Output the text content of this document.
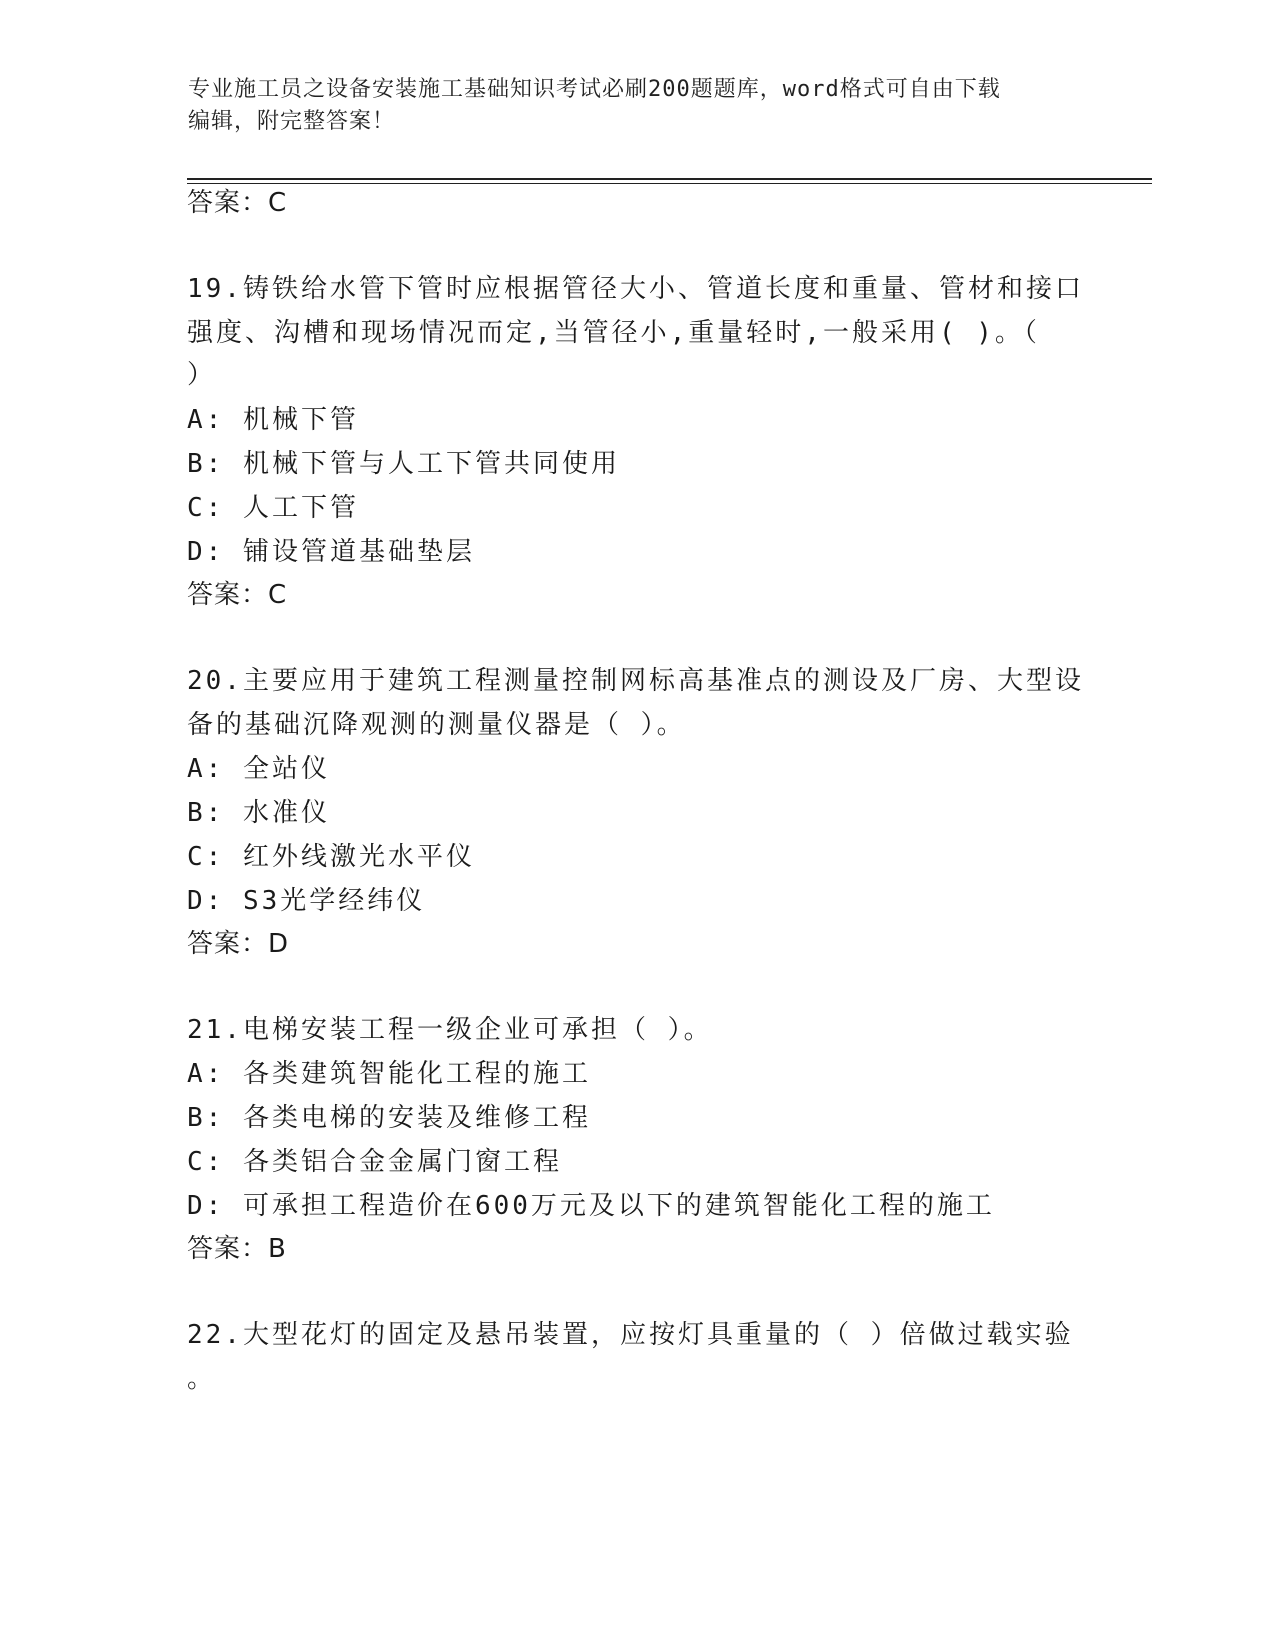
专业施工员之设备安装施工基础知识考试必刷200题题库，word格式可自由下载
编辑，附完整答案！
答案：C
19.铸铁给水管下管时应根据管径大小、管道长度和重量、管材和接口
强度、沟槽和现场情况而定,当管径小,重量轻时,一般采用( )。（
）
A: 机械下管
B: 机械下管与人工下管共同使用
C: 人工下管
D: 铺设管道基础垫层
答案：C
20.主要应用于建筑工程测量控制网标高基准点的测设及厂房、大型设
备的基础沉降观测的测量仪器是（ ）。
A: 全站仪
B: 水准仪
C: 红外线激光水平仪
D: S3光学经纬仪
答案：D
21.电梯安装工程一级企业可承担（ ）。
A: 各类建筑智能化工程的施工
B: 各类电梯的安装及维修工程
C: 各类铝合金金属门窗工程
D: 可承担工程造价在600万元及以下的建筑智能化工程的施工
答案：B
22.大型花灯的固定及悬吊装置，应按灯具重量的（ ）倍做过载实验
。
